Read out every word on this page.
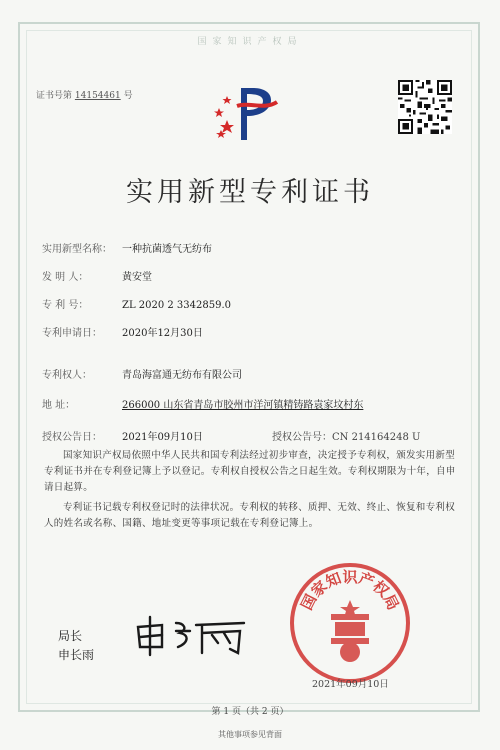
国家知识产权局
证书号第 14154461 号
实用新型专利证书
实用新型名称： 一种抗菌透气无纺布
发 明 人：	黄安堂
专 利 号：	ZL 2020 2 3342859.0
专利申请日： 2020年12月30日
专利权人：	青岛海富通无纺布有限公司
地 址：	266000 山东省青岛市胶州市洋河镇精铸路袁家坟村东
授权公告日： 2021年09月10日	授权公告号：CN 214164248 U
国家知识产权局依照中华人民共和国专利法经过初步审查，决定授予专利权，颁发实用新型专利证书并在专利登记簿上予以登记。专利权自授权公告之日起生效。专利权期限为十年，自申请日起算。
专利证书记载专利权登记时的法律状况。专利权的转移、质押、无效、终止、恢复和专利权人的姓名或名称、国籍、地址变更等事项记载在专利登记簿上。
局长
申长雨
国家知识产权局
2021年09月10日
第 1 页（共 2 页）
其他事项参见背面
